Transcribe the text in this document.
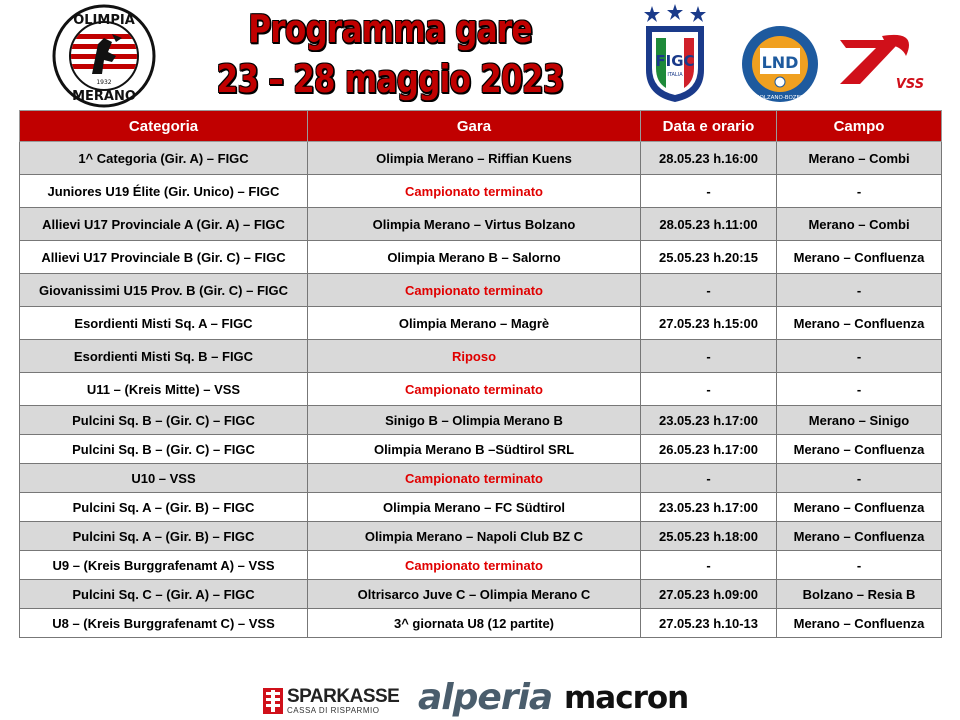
OLIMPIA
MERANO
1932
Programma gare
23 – 28 maggio 2023	FIGC
ITALIA
LND
BOLZANO-BOZEN
VSS
Categoria	Gara	Data e orario	Campo
1^ Categoria (Gir. A) – FIGC	Olimpia Merano – Riffian Kuens	28.05.23 h.16:00	Merano – Combi
Juniores U19 Élite (Gir. Unico) – FIGC	Campionato terminato	-	-
Allievi U17 Provinciale A (Gir. A) – FIGC	Olimpia Merano – Virtus Bolzano	28.05.23 h.11:00	Merano – Combi
Allievi U17 Provinciale B (Gir. C) – FIGC	Olimpia Merano B – Salorno	25.05.23 h.20:15	Merano – Confluenza
Giovanissimi U15 Prov. B (Gir. C) – FIGC	Campionato terminato	-	-
Esordienti Misti Sq. A – FIGC	Olimpia Merano – Magrè	27.05.23 h.15:00	Merano – Confluenza
Esordienti Misti Sq. B – FIGC	Riposo	-	-
U11 – (Kreis Mitte) – VSS	Campionato terminato	-	-
Pulcini Sq. B – (Gir. C) – FIGC	Sinigo B – Olimpia Merano B	23.05.23 h.17:00	Merano – Sinigo
Pulcini Sq. B – (Gir. C) – FIGC	Olimpia Merano B –Südtirol SRL	26.05.23 h.17:00	Merano – Confluenza
U10 – VSS	Campionato terminato	-	-
Pulcini Sq. A – (Gir. B) – FIGC	Olimpia Merano – FC Südtirol	23.05.23 h.17:00	Merano – Confluenza
Pulcini Sq. A – (Gir. B) – FIGC	Olimpia Merano – Napoli Club BZ C	25.05.23 h.18:00	Merano – Confluenza
U9 – (Kreis Burggrafenamt A) – VSS	Campionato terminato	-	-
Pulcini Sq. C – (Gir. A) – FIGC	Oltrisarco Juve C – Olimpia Merano C	27.05.23 h.09:00	Bolzano – Resia B
U8 – (Kreis Burggrafenamt C) – VSS	3^ giornata U8 (12 partite)	27.05.23 h.10-13	Merano – Confluenza
SPARKASSE
CASSA DI RISPARMIO alperia macron
